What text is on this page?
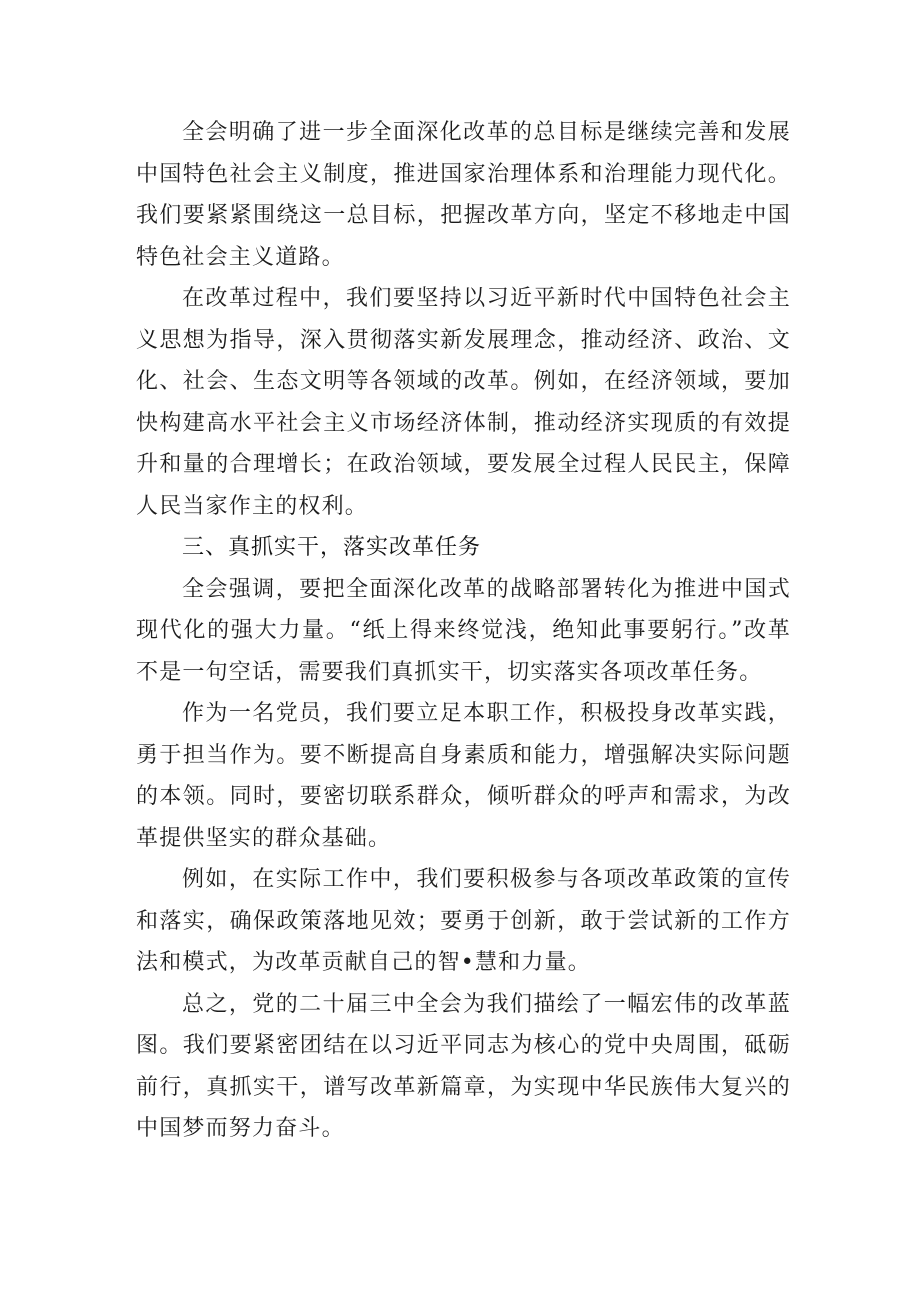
全会明确了进一步全面深化改革的总目标是继续完善和发展中国特色社会主义制度，推进国家治理体系和治理能力现代化。我们要紧紧围绕这一总目标，把握改革方向，坚定不移地走中国特色社会主义道路。

在改革过程中，我们要坚持以习近平新时代中国特色社会主义思想为指导，深入贯彻落实新发展理念，推动经济、政治、文化、社会、生态文明等各领域的改革。例如，在经济领域，要加快构建高水平社会主义市场经济体制，推动经济实现质的有效提升和量的合理增长；在政治领域，要发展全过程人民民主，保障人民当家作主的权利。

三、真抓实干，落实改革任务

全会强调，要把全面深化改革的战略部署转化为推进中国式现代化的强大力量。“纸上得来终觉浅，绝知此事要躬行。”改革不是一句空话，需要我们真抓实干，切实落实各项改革任务。

作为一名党员，我们要立足本职工作，积极投身改革实践，勇于担当作为。要不断提高自身素质和能力，增强解决实际问题的本领。同时，要密切联系群众，倾听群众的呼声和需求，为改革提供坚实的群众基础。

例如，在实际工作中，我们要积极参与各项改革政策的宣传和落实，确保政策落地见效；要勇于创新，敢于尝试新的工作方法和模式，为改革贡献自己的智•慧和力量。

总之，党的二十届三中全会为我们描绘了一幅宏伟的改革蓝图。我们要紧密团结在以习近平同志为核心的党中央周围，砥砺前行，真抓实干，谱写改革新篇章，为实现中华民族伟大复兴的中国梦而努力奋斗。
